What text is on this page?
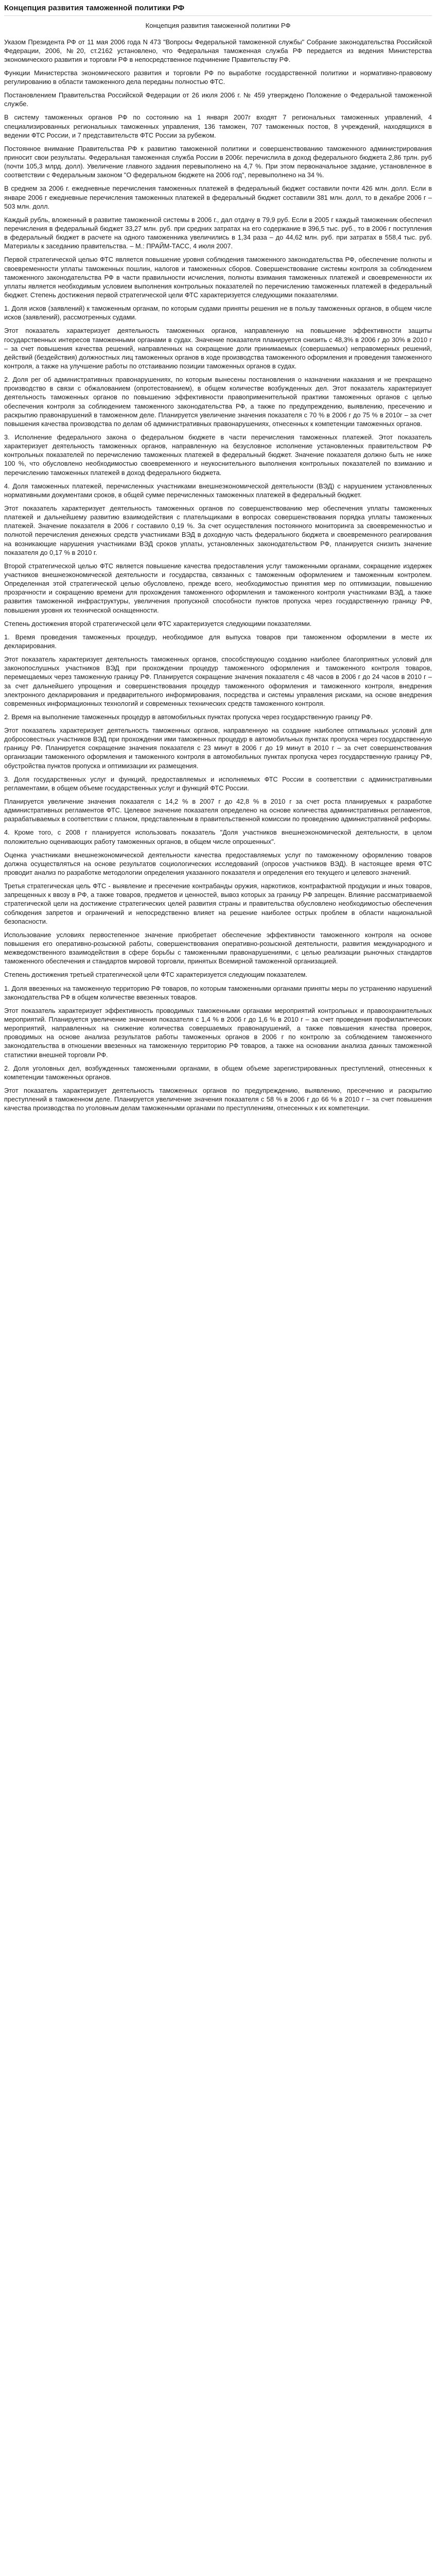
Концепция развития таможенной политики РФ
Концепция развития таможенной политики РФ

Указом Президента РФ от 11 мая 2006 года N 473 "Вопросы Федеральной таможенной службы" Собрание законодательства Российской Федерации, 2006, №20, ст.2162 установлено, что Федеральная таможенная служба РФ передается из ведения Министерства экономического развития и торговли РФ в непосредственное подчинение Правительству РФ.

Функции Министерства экономического развития и торговли РФ по выработке государственной политики и нормативно-правовому регулированию в области таможенного дела переданы полностью ФТС.

Постановлением Правительства Российской Федерации от 26 июля 2006 г. № 459 утверждено Положение о Федеральной таможенной службе.

В систему таможенных органов РФ по состоянию на 1 января 2007г входят 7 региональных таможенных управлений, 4 специализированных региональных таможенных управления, 136 таможен, 707 таможенных постов, 8 учреждений, находящихся в ведении ФТС России, и 7 представительств ФТС России за рубежом.

Постоянное внимание Правительства РФ к развитию таможенной политики и совершенствованию таможенного администрирования приносит свои результаты. Федеральная таможенная служба России в 2006г. перечислила в доход федерального бюджета 2,86 трлн. руб (почти 105,3 млрд. долл). Увеличение главного задания перевыполнено на 4,7 %. При этом первоначальное задание, установленное в соответствии с Федеральным законом "О федеральном бюджете на 2006 год", перевыполнено на 34 %.

В среднем за 2006 г. ежедневные перечисления таможенных платежей в федеральный бюджет составили почти 426 млн. долл. Если в январе 2006 г ежедневные перечисления таможенных платежей в федеральный бюджет составили 381 млн. долл, то в декабре 2006 г – 503 млн. долл.

Каждый рубль, вложенный в развитие таможенной системы в 2006 г., дал отдачу в 79,9 руб. Если в 2005 г каждый таможенник обеспечил перечисления в федеральный бюджет 33,27 млн. руб. при средних затратах на его содержание в 396,5 тыс. руб., то в 2006 г поступления в федеральный бюджет в расчете на одного таможенника увеличились в 1,34 раза – до 44,62 млн. руб. при затратах в 558,4 тыс. руб. Материалы к заседанию правительства. – М.: ПРАЙМ-ТАСС, 4 июля 2007.

Первой стратегической целью ФТС является повышение уровня соблюдения таможенного законодательства РФ, обеспечение полноты и своевременности уплаты таможенных пошлин, налогов и таможенных сборов. Совершенствование системы контроля за соблюдением таможенного законодательства РФ в части правильности исчисления, полноты взимания таможенных платежей и своевременности их уплаты является необходимым условием выполнения контрольных показателей по перечислению таможенных платежей в федеральный бюджет. Степень достижения первой стратегической цели ФТС характеризуется следующими показателями.

1. Доля исков (заявлений) к таможенным органам, по которым судами приняты решения не в пользу таможенных органов, в общем числе исков (заявлений), рассмотренных судами.

Этот показатель характеризует деятельность таможенных органов, направленную на повышение эффективности защиты государственных интересов таможенными органами в судах. Значение показателя планируется снизить с 48,3% в 2006 г до 30% в 2010 г – за счет повышения качества решений, направленных на сокращение доли принимаемых (совершаемых) неправомерных решений, действий (бездействия) должностных лиц таможенных органов в ходе производства таможенного оформления и проведения таможенного контроля, а также на улучшение работы по отстаиванию позиции таможенных органов в судах.

2. Доля рег об административных правонарушениях, по которым вынесены постановления о назначении наказания и не прекращено производство в связи с обжалованием (опротестованием), в общем количестве возбужденных дел. Этот показатель характеризует деятельность таможенных органов по повышению эффективности правоприменительной практики таможенных органов с целью обеспечения контроля за соблюдением таможенного законодательства РФ, а также по предупреждению, выявлению, пресечению и раскрытию правонарушений в таможенном деле. Планируется увеличение значения показателя с 70 % в 2006 г до 75 % в 2010г – за счет повышения качества производства по делам об административных правонарушениях, отнесенных к компетенции таможенных органов.

3. Исполнение федерального закона о федеральном бюджете в части перечисления таможенных платежей. Этот показатель характеризует деятельность таможенных органов, направленную на безусловное исполнение установленных правительством РФ контрольных показателей по перечислению таможенных платежей в федеральный бюджет. Значение показателя должно быть не ниже 100 %, что обусловлено необходимостью своевременного и неукоснительного выполнения контрольных показателей по взиманию и перечислению таможенных платежей в доход федерального бюджета.

4. Доля таможенных платежей, перечисленных участниками внешнеэкономической деятельности (ВЭД) с нарушением установленных нормативными документами сроков, в общей сумме перечисленных таможенных платежей в федеральный бюджет.

Этот показатель характеризует деятельность таможенных органов по совершенствованию мер обеспечения уплаты таможенных платежей и дальнейшему развитию взаимодействия с плательщиками в вопросах совершенствования порядка уплаты таможенных платежей. Значение показателя в 2006 г составило 0,19 %. За счет осуществления постоянного мониторинга за своевременностью и полнотой перечисления денежных средств участниками ВЭД в доходную часть федерального бюджета и своевременного реагирования на возникающие нарушения участниками ВЭД сроков уплаты, установленных законодательством РФ, планируется снизить значение показателя до 0,17 % в 2010 г.

Второй стратегической целью ФТС является повышение качества предоставления услуг таможенными органами, сокращение издержек участников внешнеэкономической деятельности и государства, связанных с таможенным оформлением и таможенным контролем. Определенная этой стратегической целью обусловлено, прежде всего, необходимостью принятия мер по оптимизации, повышению прозрачности и сокращению времени для прохождения таможенного оформления и таможенного контроля участниками ВЭД, а также развития таможенной инфраструктуры, увеличения пропускной способности пунктов пропуска через государственную границу РФ, повышения уровня их технической оснащенности.

Степень достижения второй стратегической цели ФТС характеризуется следующими показателями.

1. Время проведения таможенных процедур, необходимое для выпуска товаров при таможенном оформлении в месте их декларирования.

Этот показатель характеризует деятельность таможенных органов, способствующую созданию наиболее благоприятных условий для законопослушных участников ВЭД при прохождении процедур таможенного оформления и таможенного контроля товаров, перемещаемых через таможенную границу РФ. Планируется сокращение значения показателя с 48 часов в 2006 г до 24 часов в 2010 г – за счет дальнейшего упрощения и совершенствования процедур таможенного оформления и таможенного контроля, внедрения электронного декларирования и предварительного информирования, посредства и системы управления рисками, на основе внедрения современных информационных технологий и современных технических средств таможенного контроля.

2. Время на выполнение таможенных процедур в автомобильных пунктах пропуска через государственную границу РФ.

Этот показатель характеризует деятельность таможенных органов, направленную на создание наиболее оптимальных условий для добросовестных участников ВЭД при прохождении ими таможенных процедур в автомобильных пунктах пропуска через государственную границу РФ. Планируется сокращение значения показателя с 23 минут в 2006 г до 19 минут в 2010 г – за счет совершенствования организации таможенного оформления и таможенного контроля в автомобильных пунктах пропуска через государственную границу РФ, обустройства пунктов пропуска и оптимизации их размещения.

3. Доля государственных услуг и функций, предоставляемых и исполняемых ФТС России в соответствии с административными регламентами, в общем объеме государственных услуг и функций ФТС России.

Планируется увеличение значения показателя с 14,2 % в 2007 г до 42,8 % в 2010 г за счет роста планируемых к разработке административных регламентов ФТС. Целевое значение показателя определено на основе количества административных регламентов, разрабатываемых в соответствии с планом, представленным в правительственной комиссии по проведению административной реформы.

4. Кроме того, с 2008 г планируется использовать показатель "Доля участников внешнеэкономической деятельности, в целом положительно оценивающих работу таможенных органов, в общем числе опрошенных".

Оценка участниками внешнеэкономической деятельности качества предоставляемых услуг по таможенному оформлению товаров должна осуществляться на основе результатов социологических исследований (опросов участников ВЭД). В настоящее время ФТС проводит анализ по разработке методологии определения указанного показателя и определения его текущего и целевого значений.

Третья стратегическая цель ФТС - выявление и пресечение контрабанды оружия, наркотиков, контрафактной продукции и иных товаров, запрещенных к ввозу в РФ, а также товаров, предметов и ценностей, вывоз которых за границу РФ запрещен. Влияние рассматриваемой стратегической цели на достижение стратегических целей развития страны и правительства обусловлено необходимостью обеспечения соблюдения запретов и ограничений и непосредственно влияет на решение наиболее острых проблем в области национальной безопасности.

Использование условиях первостепенное значение приобретает обеспечение эффективности таможенного контроля на основе повышения его оперативно-розыскной работы, совершенствования оперативно-розыскной деятельности, развития международного и межведомственного взаимодействия в сфере борьбы с таможенными правонарушениями, с целью реализации рыночных стандартов таможенного обеспечения и стандартов мировой торговли, принятых Всемирной таможенной организацией.

Степень достижения третьей стратегической цели ФТС характеризуется следующим показателем.

1. Доля ввезенных на таможенную территорию РФ товаров, по которым таможенными органами приняты меры по устранению нарушений законодательства РФ в общем количестве ввезенных товаров.

Этот показатель характеризует эффективность проводимых таможенными органами мероприятий контрольных и правоохранительных мероприятий. Планируется увеличение значения показателя с 1,4 % в 2006 г до 1,6 % в 2010 г – за счет проведения профилактических мероприятий, направленных на снижение количества совершаемых правонарушений, а также повышения качества проверок, проводимых на основе анализа результатов работы таможенных органов в 2006 г по контролю за соблюдением таможенного законодательства в отношении ввезенных на таможенную территорию РФ товаров, а также на основании анализа данных таможенной статистики внешней торговли РФ.

2. Доля уголовных дел, возбужденных таможенными органами, в общем объеме зарегистрированных преступлений, отнесенных к компетенции таможенных органов.

Этот показатель характеризует деятельность таможенных органов по предупреждению, выявлению, пресечению и раскрытию преступлений в таможенном деле. Планируется увеличение значения показателя с 58 % в 2006 г до 66 % в 2010 г – за счет повышения качества производства по уголовным делам таможенными органами по преступлениям, отнесенных к их компетенции.
